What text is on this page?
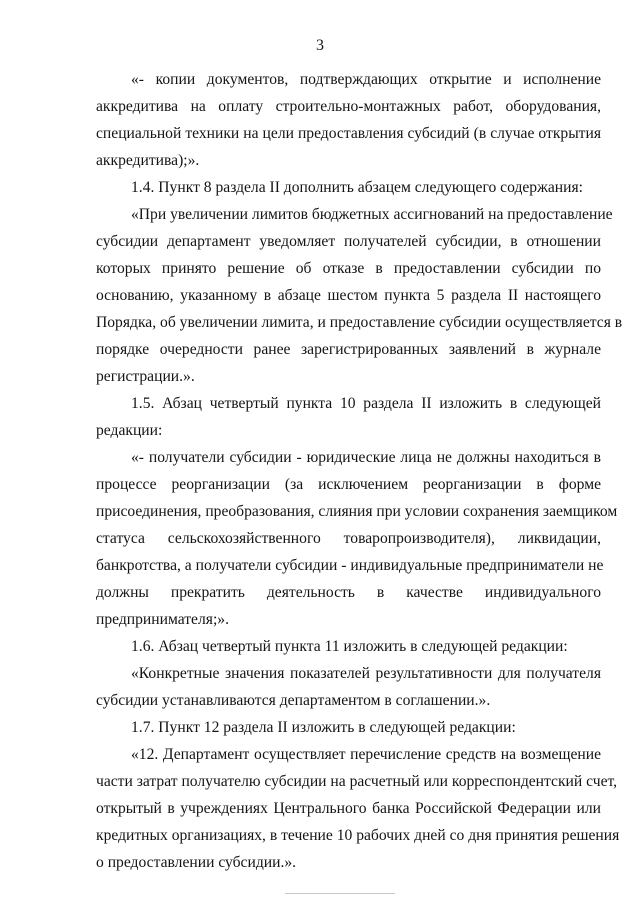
3
«- копии документов, подтверждающих открытие и исполнение
аккредитива на оплату строительно-монтажных работ, оборудования,
специальной техники на цели предоставления субсидий (в случае открытия
аккредитива);».
1.4. Пункт 8 раздела II дополнить абзацем следующего содержания:
«При увеличении лимитов бюджетных ассигнований на предоставление
субсидии департамент уведомляет получателей субсидии, в отношении
которых принято решение об отказе в предоставлении субсидии по
основанию, указанному в абзаце шестом пункта 5 раздела II настоящего
Порядка, об увеличении лимита, и предоставление субсидии осуществляется в
порядке очередности ранее зарегистрированных заявлений в журнале
регистрации.».
1.5. Абзац четвертый пункта 10 раздела II изложить в следующей
редакции:
«- получатели субсидии - юридические лица не должны находиться в
процессе реорганизации (за исключением реорганизации в форме
присоединения, преобразования, слияния при условии сохранения заемщиком
статуса сельскохозяйственного товаропроизводителя), ликвидации,
банкротства, а получатели субсидии - индивидуальные предприниматели не
должны прекратить деятельность в качестве индивидуального
предпринимателя;».
1.6. Абзац четвертый пункта 11 изложить в следующей редакции:
«Конкретные значения показателей результативности для получателя
субсидии устанавливаются департаментом в соглашении.».
1.7. Пункт 12 раздела II изложить в следующей редакции:
«12. Департамент осуществляет перечисление средств на возмещение
части затрат получателю субсидии на расчетный или корреспондентский счет,
открытый в учреждениях Центрального банка Российской Федерации или
кредитных организациях, в течение 10 рабочих дней со дня принятия решения
о предоставлении субсидии.».
